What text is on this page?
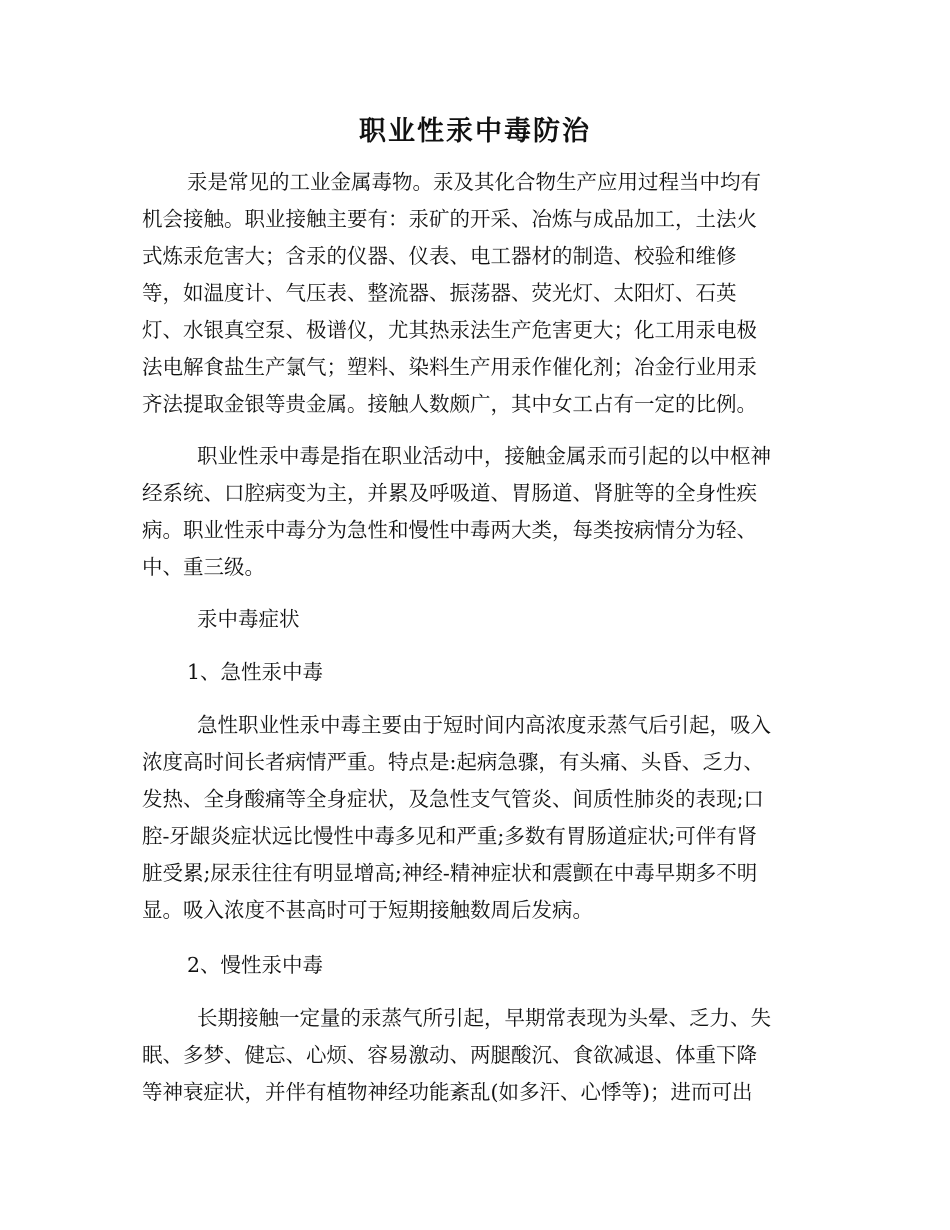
职业性汞中毒防治

汞是常见的工业金属毒物。汞及其化合物生产应用过程当中均有

机会接触。职业接触主要有：汞矿的开采、冶炼与成品加工，土法火

式炼汞危害大；含汞的仪器、仪表、电工器材的制造、校验和维修

等，如温度计、气压表、整流器、振荡器、荧光灯、太阳灯、石英

灯、水银真空泵、极谱仪，尤其热汞法生产危害更大；化工用汞电极

法电解食盐生产氯气；塑料、染料生产用汞作催化剂；冶金行业用汞

齐法提取金银等贵金属。接触人数颇广，其中女工占有一定的比例。

职业性汞中毒是指在职业活动中，接触金属汞而引起的以中枢神

经系统、口腔病变为主，并累及呼吸道、胃肠道、肾脏等的全身性疾

病。职业性汞中毒分为急性和慢性中毒两大类，每类按病情分为轻、

中、重三级。

汞中毒症状

1、急性汞中毒

急性职业性汞中毒主要由于短时间内高浓度汞蒸气后引起，吸入

浓度高时间长者病情严重。特点是:起病急骤，有头痛、头昏、乏力、

发热、全身酸痛等全身症状，及急性支气管炎、间质性肺炎的表现;口

腔-牙龈炎症状远比慢性中毒多见和严重;多数有胃肠道症状;可伴有肾

脏受累;尿汞往往有明显增高;神经-精神症状和震颤在中毒早期多不明

显。吸入浓度不甚高时可于短期接触数周后发病。

2、慢性汞中毒

长期接触一定量的汞蒸气所引起，早期常表现为头晕、乏力、失

眠、多梦、健忘、心烦、容易激动、两腿酸沉、食欲减退、体重下降

等神衰症状，并伴有植物神经功能紊乱(如多汗、心悸等)；进而可出
